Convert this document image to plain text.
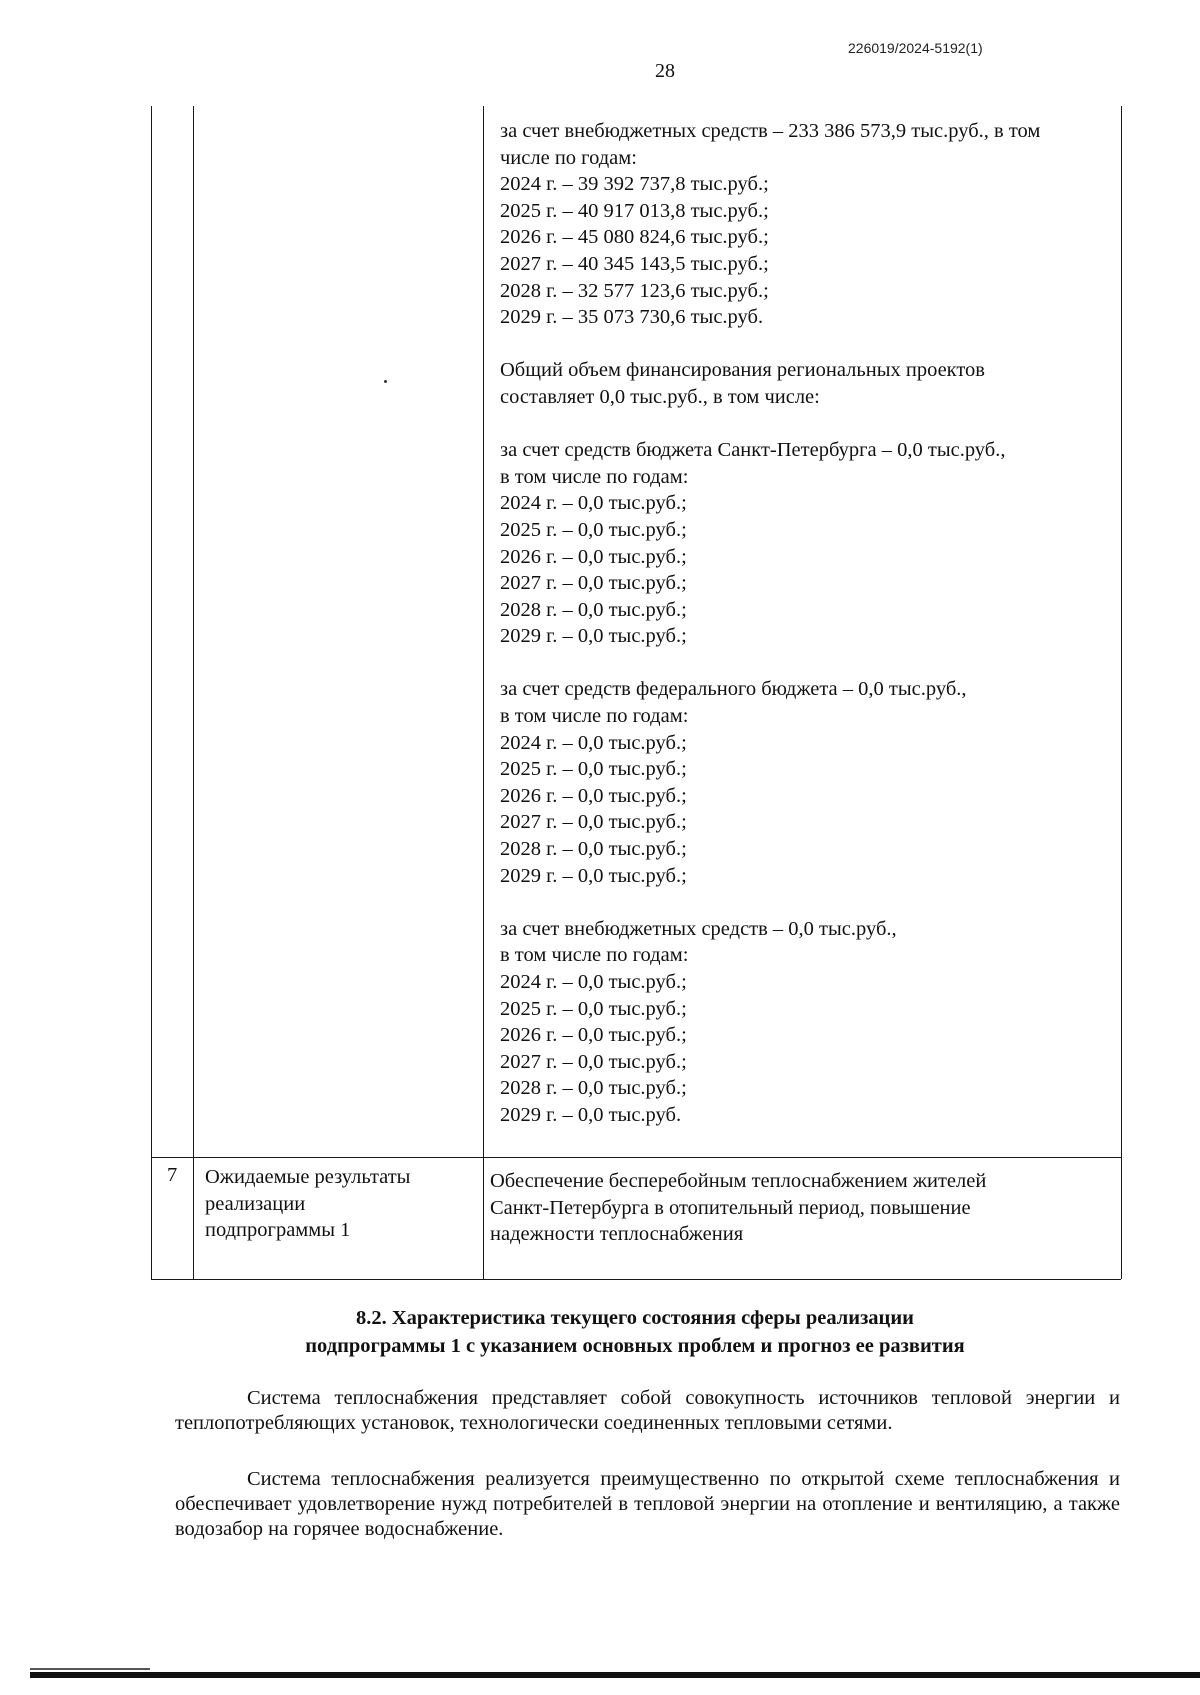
226019/2024-5192(1)
28
за счет внебюджетных средств – 233 386 573,9 тыс.руб., в том
числе по годам:
2024 г. – 39 392 737,8 тыс.руб.;
2025 г. – 40 917 013,8 тыс.руб.;
2026 г. – 45 080 824,6 тыс.руб.;
2027 г. – 40 345 143,5 тыс.руб.;
2028 г. – 32 577 123,6 тыс.руб.;
2029 г. – 35 073 730,6 тыс.руб.
Общий объем финансирования региональных проектов
составляет 0,0 тыс.руб., в том числе:
за счет средств бюджета Санкт-Петербурга – 0,0 тыс.руб.,
в том числе по годам:
2024 г. – 0,0 тыс.руб.;
2025 г. – 0,0 тыс.руб.;
2026 г. – 0,0 тыс.руб.;
2027 г. – 0,0 тыс.руб.;
2028 г. – 0,0 тыс.руб.;
2029 г. – 0,0 тыс.руб.;
за счет средств федерального бюджета – 0,0 тыс.руб.,
в том числе по годам:
2024 г. – 0,0 тыс.руб.;
2025 г. – 0,0 тыс.руб.;
2026 г. – 0,0 тыс.руб.;
2027 г. – 0,0 тыс.руб.;
2028 г. – 0,0 тыс.руб.;
2029 г. – 0,0 тыс.руб.;
за счет внебюджетных средств – 0,0 тыс.руб.,
в том числе по годам:
2024 г. – 0,0 тыс.руб.;
2025 г. – 0,0 тыс.руб.;
2026 г. – 0,0 тыс.руб.;
2027 г. – 0,0 тыс.руб.;
2028 г. – 0,0 тыс.руб.;
2029 г. – 0,0 тыс.руб.
7 Ожидаемые результаты
реализации
подпрограммы 1
Обеспечение бесперебойным теплоснабжением жителей
Санкт-Петербурга в отопительный период, повышение
надежности теплоснабжения
8.2. Характеристика текущего состояния сферы реализации
подпрограммы 1 с указанием основных проблем и прогноз ее развития
Система теплоснабжения представляет собой совокупность источников тепловой энергии и теплопотребляющих установок, технологически соединенных тепловыми сетями.
Система теплоснабжения реализуется преимущественно по открытой схеме теплоснабжения и обеспечивает удовлетворение нужд потребителей в тепловой энергии на отопление и вентиляцию, а также водозабор на горячее водоснабжение.
